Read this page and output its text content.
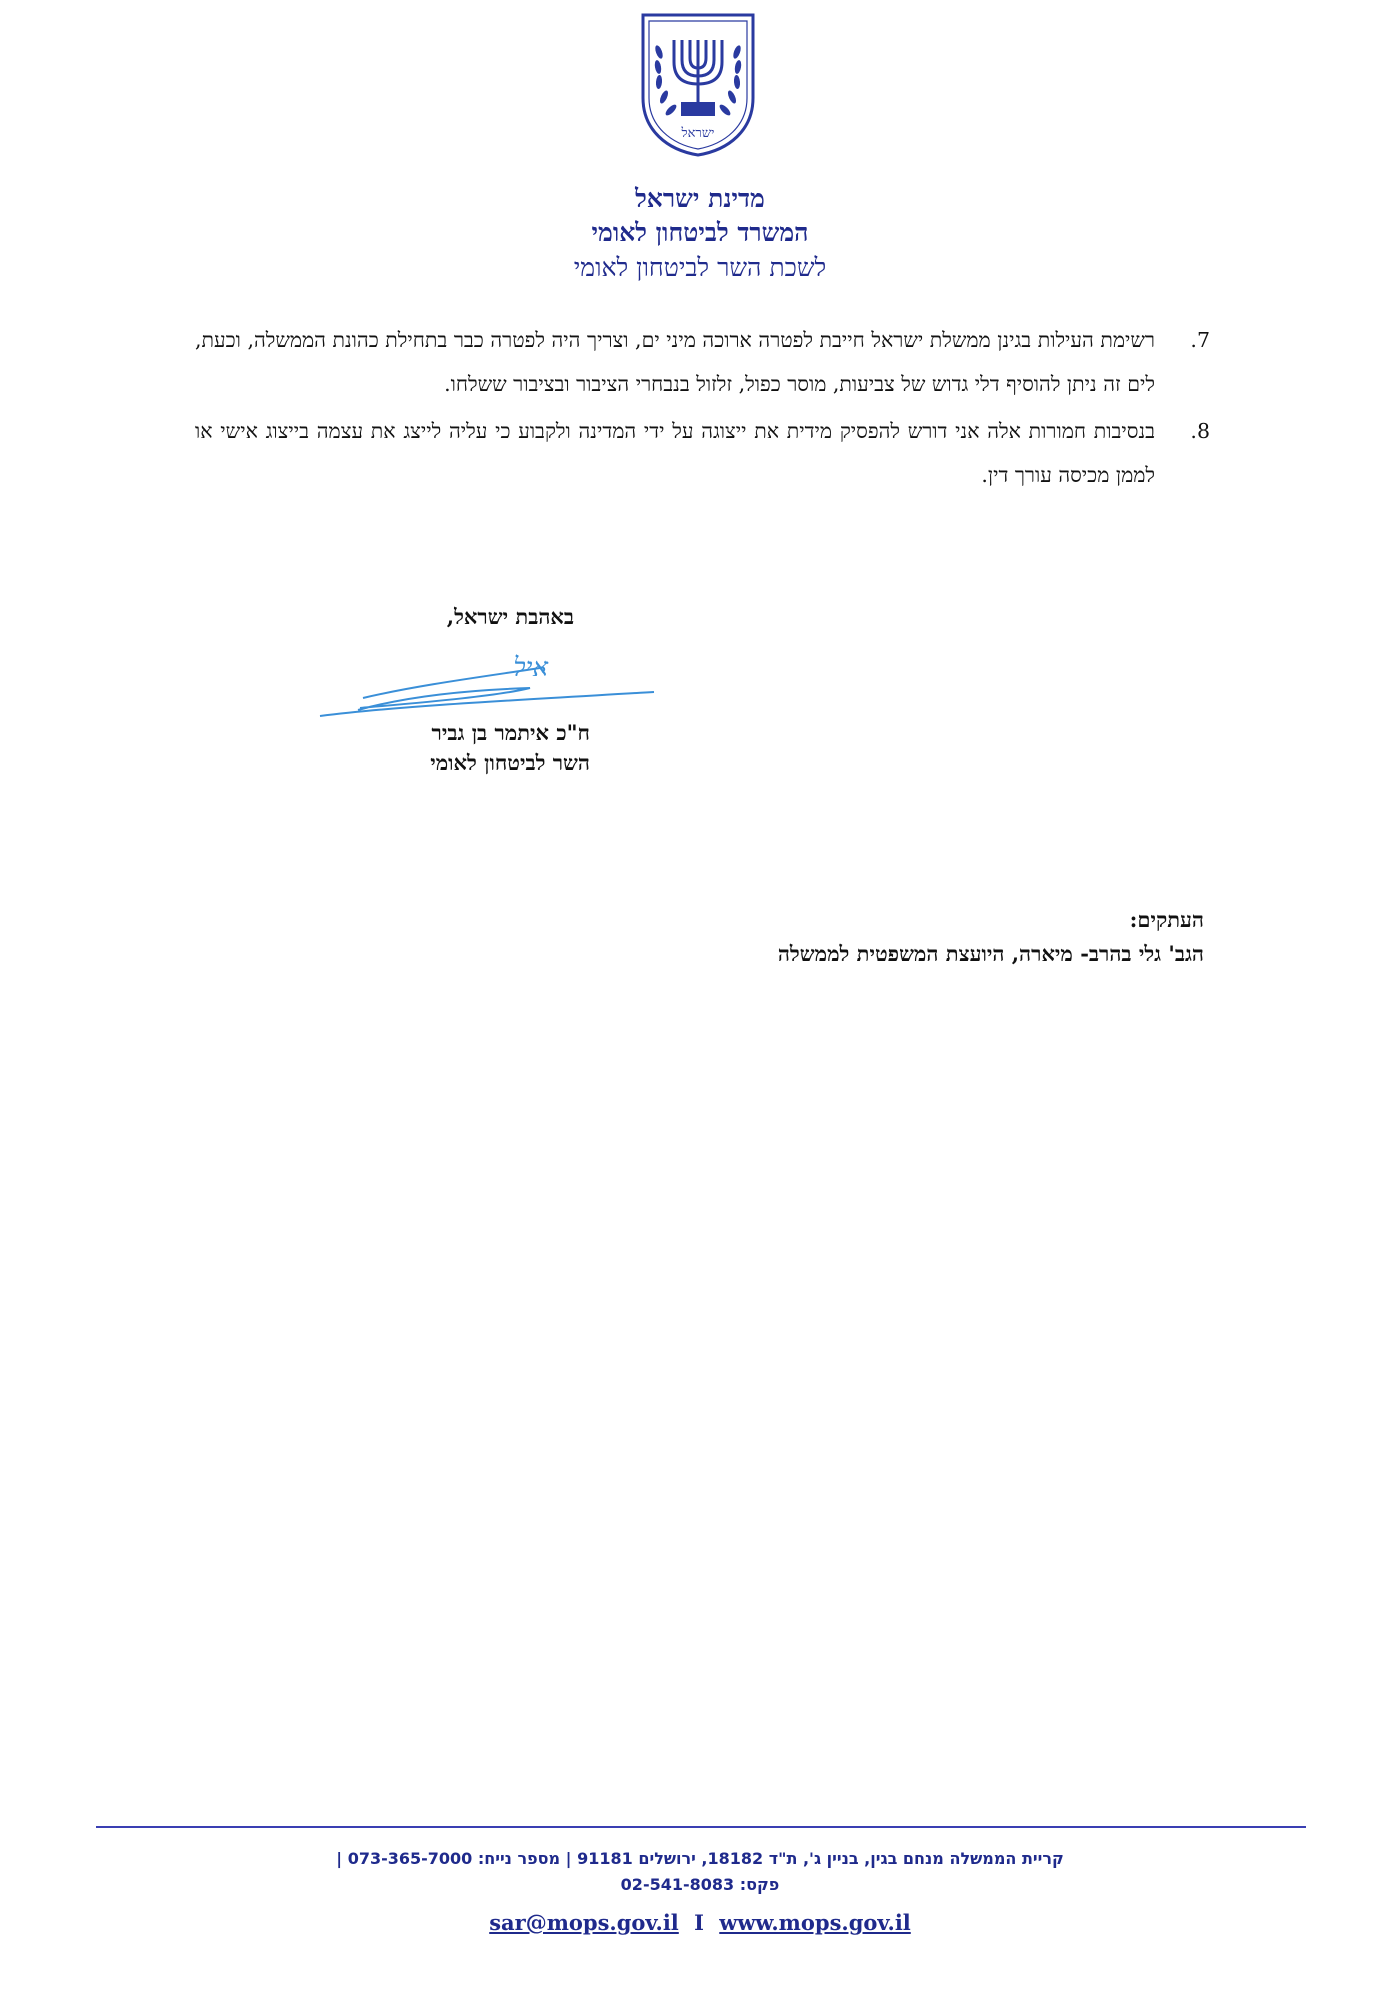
ישראל
מדינת ישראל
המשרד לביטחון לאומי
לשכת השר לביטחון לאומי
7.
רשימת העילות בגינן ממשלת ישראל חייבת לפטרה ארוכה מיני ים, וצריך היה לפטרה כבר בתחילת כהונת הממשלה, וכעת, לים זה ניתן להוסיף דלי גדוש של צביעות, מוסר כפול, זלזול בנבחרי הציבור ובציבור ששלחו.
8.
בנסיבות חמורות אלה אני דורש להפסיק מידית את ייצוגה על ידי המדינה ולקבוע כי עליה לייצג את עצמה בייצוג אישי או לממן מכיסה עורך דין.
באהבת ישראל,
איל
ח"כ איתמר בן גביר
השר לביטחון לאומי
העתקים:
הגב' גלי בהרב- מיארה, היועצת המשפטית לממשלה
קריית הממשלה מנחם בגין, בניין ג', ת"ד 18182, ירושלים 91181 | מספר נייח: 073-365-7000 |
פקס: 02-541-8083
sar@mops.gov.il I www.mops.gov.il
